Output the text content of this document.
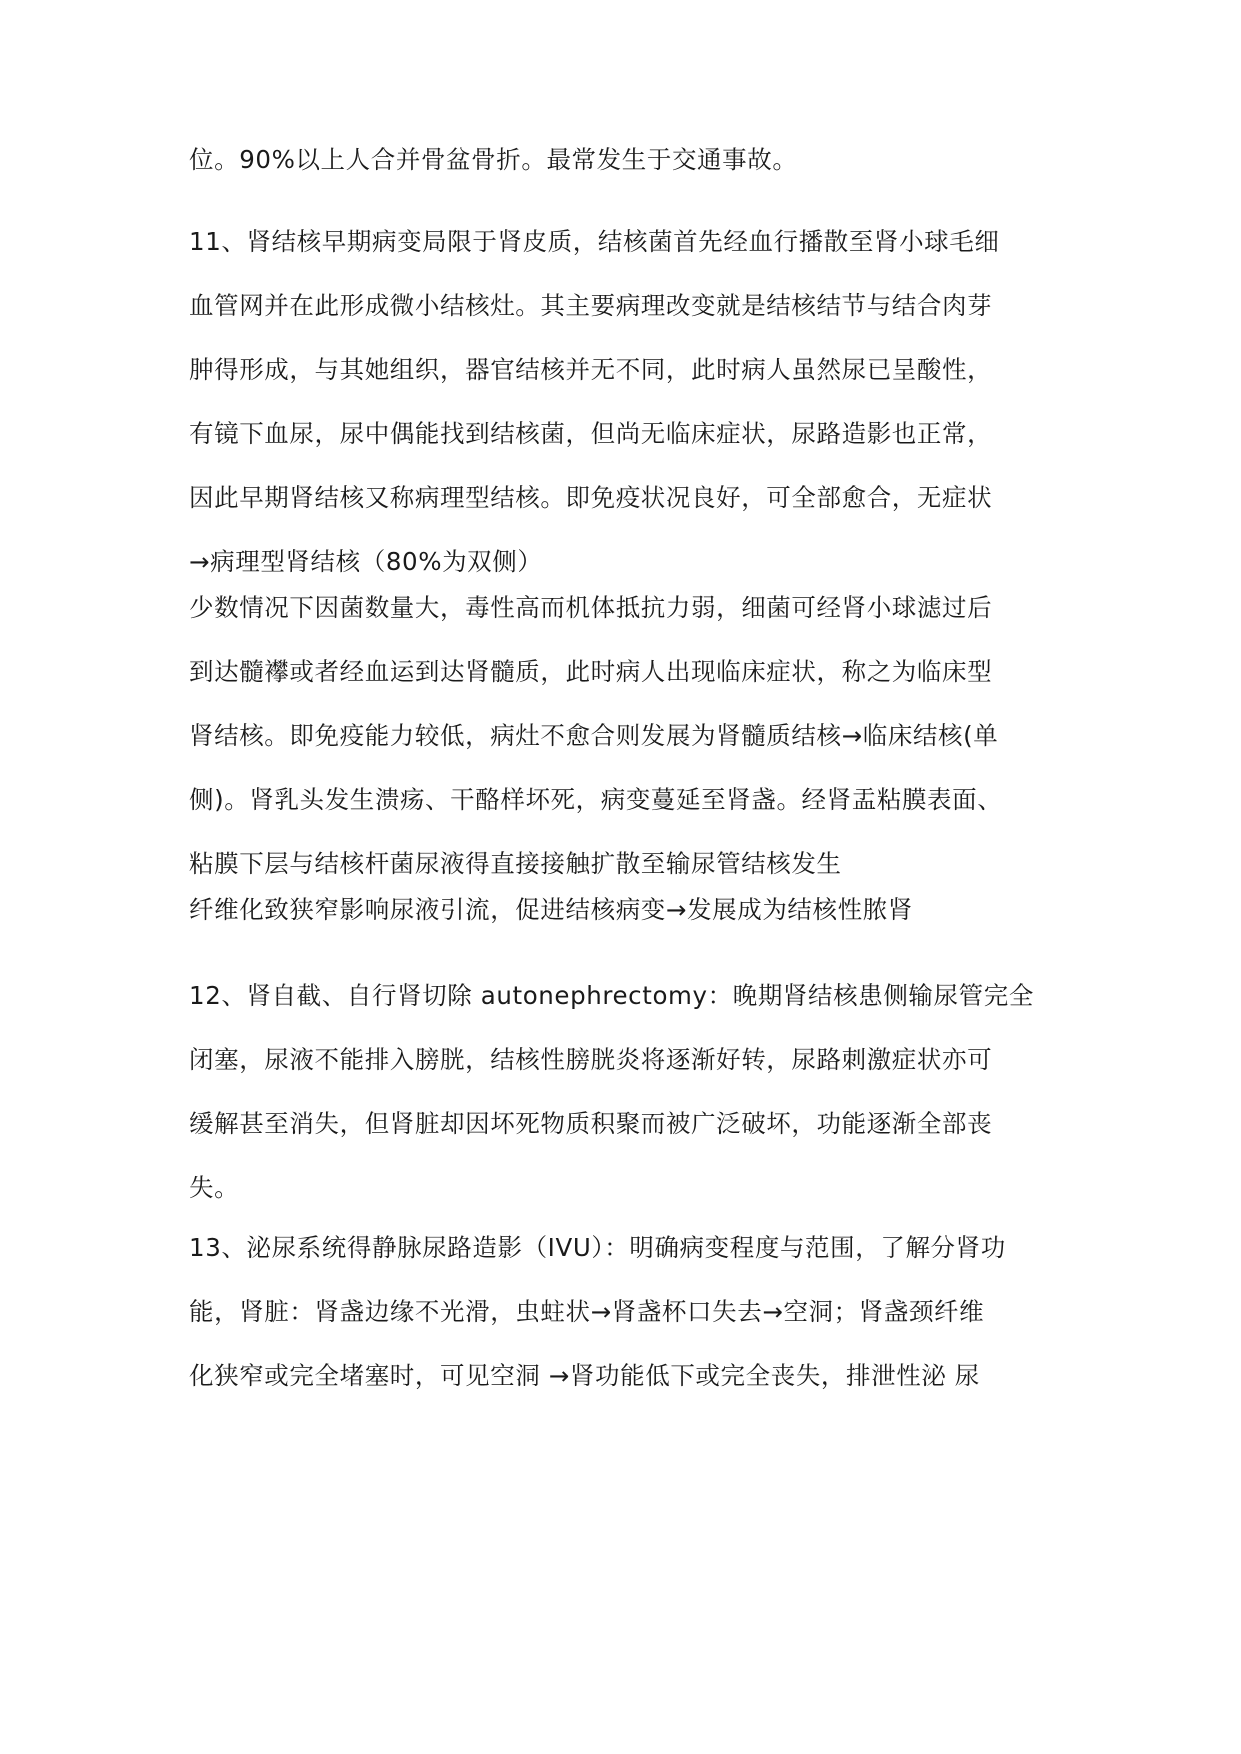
位。90%以上人合并骨盆骨折。最常发生于交通事故。
11、肾结核早期病变局限于肾皮质，结核菌首先经血行播散至肾小球毛细
血管网并在此形成微小结核灶。其主要病理改变就是结核结节与结合肉芽
肿得形成，与其她组织，器官结核并无不同，此时病人虽然尿已呈酸性，
有镜下血尿，尿中偶能找到结核菌，但尚无临床症状，尿路造影也正常，
因此早期肾结核又称病理型结核。即免疫状况良好，可全部愈合，无症状
→病理型肾结核（80%为双侧）
少数情况下因菌数量大，毒性高而机体抵抗力弱，细菌可经肾小球滤过后
到达髓襻或者经血运到达肾髓质，此时病人出现临床症状，称之为临床型
肾结核。即免疫能力较低，病灶不愈合则发展为肾髓质结核→临床结核(单
侧)。肾乳头发生溃疡、干酪样坏死，病变蔓延至肾盏。经肾盂粘膜表面、
粘膜下层与结核杆菌尿液得直接接触扩散至输尿管结核发生
纤维化致狭窄影响尿液引流，促进结核病变→发展成为结核性脓肾
12、肾自截、自行肾切除 autonephrectomy：晚期肾结核患侧输尿管完全
闭塞，尿液不能排入膀胱，结核性膀胱炎将逐渐好转，尿路刺激症状亦可
缓解甚至消失，但肾脏却因坏死物质积聚而被广泛破坏，功能逐渐全部丧
失。
13、泌尿系统得静脉尿路造影（IVU）：明确病变程度与范围，了解分肾功
能，肾脏：肾盏边缘不光滑，虫蛀状→肾盏杯口失去→空洞；肾盏颈纤维
化狭窄或完全堵塞时，可见空洞 →肾功能低下或完全丧失，排泄性泌 尿
